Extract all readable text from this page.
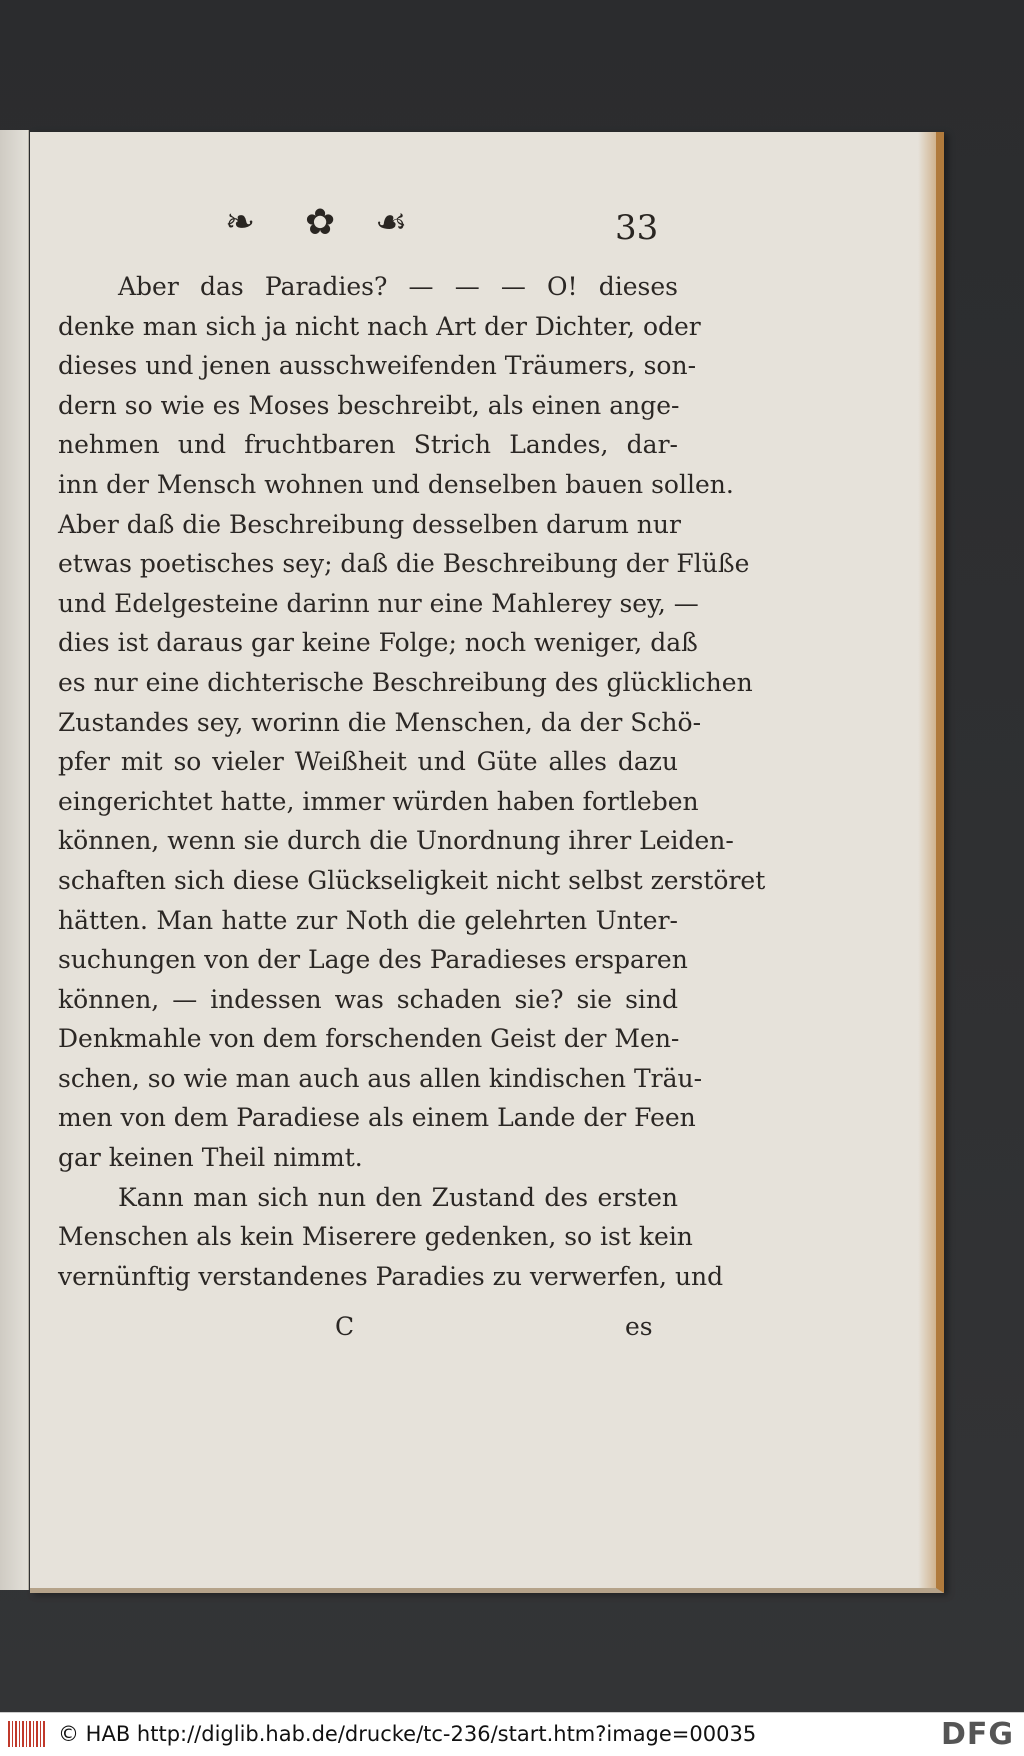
❧ ✿ ☙	33
Aber das Paradies? — — — O! dieses
denke man sich ja nicht nach Art der Dichter, oder
dieses und jenen ausschweifenden Träumers, son-
dern so wie es Moses beschreibt, als einen ange-
nehmen und fruchtbaren Strich Landes, dar-
inn der Mensch wohnen und denselben bauen sollen.
Aber daß die Beschreibung desselben darum nur
etwas poetisches sey; daß die Beschreibung der Flüße
und Edelgesteine darinn nur eine Mahlerey sey, —
dies ist daraus gar keine Folge; noch weniger, daß
es nur eine dichterische Beschreibung des glücklichen
Zustandes sey, worinn die Menschen, da der Schö-
pfer mit so vieler Weißheit und Güte alles dazu
eingerichtet hatte, immer würden haben fortleben
können, wenn sie durch die Unordnung ihrer Leiden-
schaften sich diese Glückseligkeit nicht selbst zerstöret
hätten. Man hatte zur Noth die gelehrten Unter-
suchungen von der Lage des Paradieses ersparen
können, — indessen was schaden sie? sie sind
Denkmahle von dem forschenden Geist der Men-
schen, so wie man auch aus allen kindischen Träu-
men von dem Paradiese als einem Lande der Feen
gar keinen Theil nimmt.
Kann man sich nun den Zustand des ersten
Menschen als kein Miserere gedenken, so ist kein
vernünftig verstandenes Paradies zu verwerfen, und
C	es
© HAB http://diglib.hab.de/drucke/tc-236/start.htm?image=00035	DFG
